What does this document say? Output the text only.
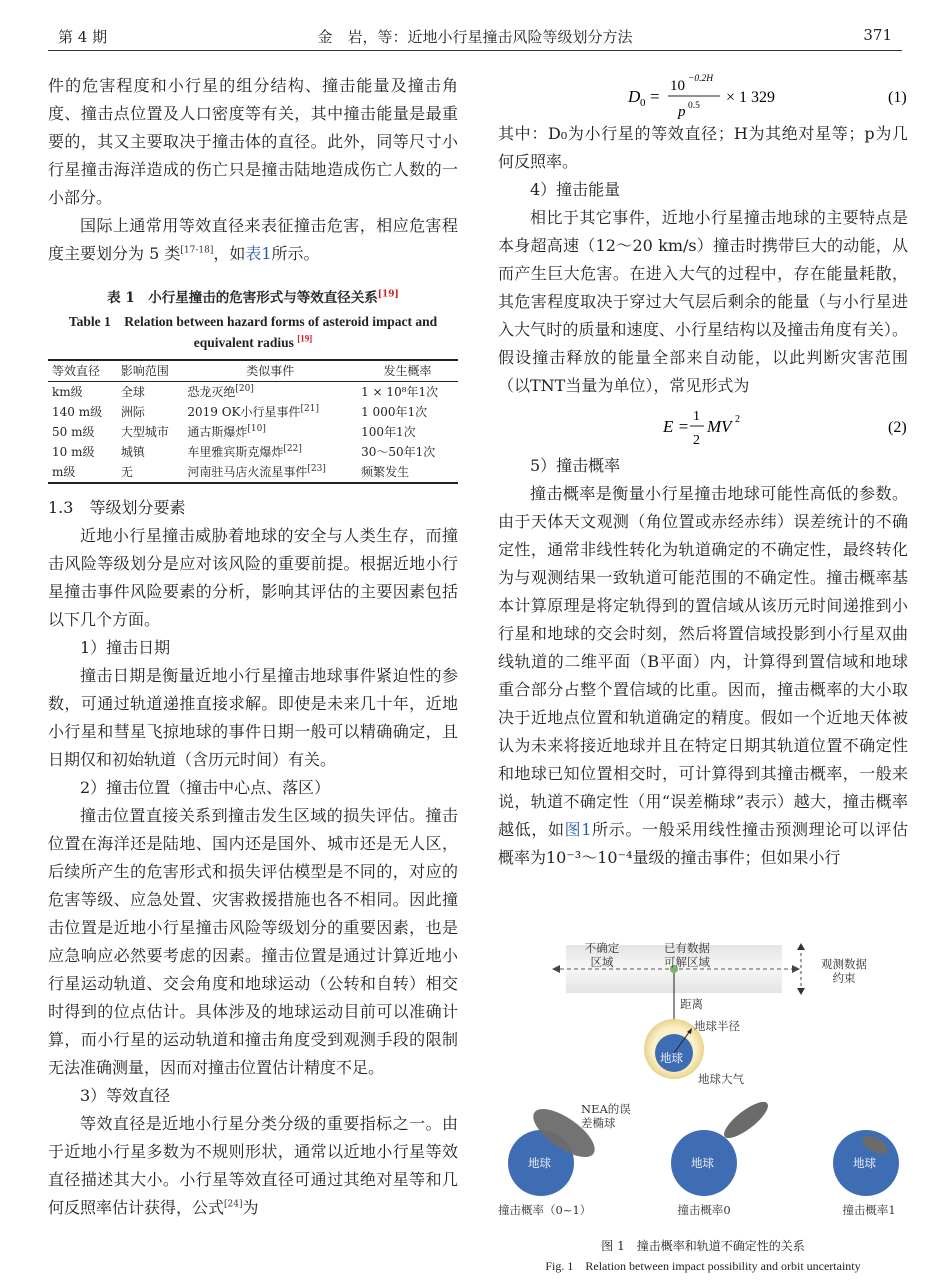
第 4 期	金　岩，等：近地小行星撞击风险等级划分方法	371

件的危害程度和小行星的组分结构、撞击能量及撞击角度、撞击点位置及人口密度等有关，其中撞击能量是最重要的，其又主要取决于撞击体的直径。此外，同等尺寸小行星撞击海洋造成的伤亡只是撞击陆地造成伤亡人数的一小部分。

国际上通常用等效直径来表征撞击危害，相应危害程度主要划分为 5 类[17-18]，如表1所示。

表 1　小行星撞击的危害形式与等效直径关系[19]
Table 1　Relation between hazard forms of asteroid impact and equivalent radius [19]
等效直径	影响范围	类似事件	发生概率
km级	全球	恐龙灭绝[20]	1 × 10⁸年1次
140 m级	洲际	2019 OK小行星事件[21]	1 000年1次
50 m级	大型城市	通古斯爆炸[10]	100年1次
10 m级	城镇	车里雅宾斯克爆炸[22]	30～50年1次
m级	无	河南驻马店火流星事件[23]	频繁发生
1.3　等级划分要素

近地小行星撞击威胁着地球的安全与人类生存，而撞击风险等级划分是应对该风险的重要前提。根据近地小行星撞击事件风险要素的分析，影响其评估的主要因素包括以下几个方面。

1）撞击日期

撞击日期是衡量近地小行星撞击地球事件紧迫性的参数，可通过轨道递推直接求解。即使是未来几十年，近地小行星和彗星飞掠地球的事件日期一般可以精确确定，且日期仅和初始轨道（含历元时间）有关。

2）撞击位置（撞击中心点、落区）

撞击位置直接关系到撞击发生区域的损失评估。撞击位置在海洋还是陆地、国内还是国外、城市还是无人区，后续所产生的危害形式和损失评估模型是不同的，对应的危害等级、应急处置、灾害救援措施也各不相同。因此撞击位置是近地小行星撞击风险等级划分的重要因素，也是应急响应必然要考虑的因素。撞击位置是通过计算近地小行星运动轨道、交会角度和地球运动（公转和自转）相交时得到的位点估计。具体涉及的地球运动目前可以准确计算，而小行星的运动轨道和撞击角度受到观测手段的限制无法准确测量，因而对撞击位置估计精度不足。

3）等效直径

等效直径是近地小行星分类分级的重要指标之一。由于近地小行星多数为不规则形状，通常以近地小行星等效直径描述其大小。小行星等效直径可通过其绝对星等和几何反照率估计获得，公式[24]为

D 0 =
10 −0.2H
p 0.5 × 1 329	(1)

其中：D₀为小行星的等效直径；H为其绝对星等；p为几何反照率。

4）撞击能量

相比于其它事件，近地小行星撞击地球的主要特点是本身超高速（12～20 km/s）撞击时携带巨大的动能，从而产生巨大危害。在进入大气的过程中，存在能量耗散，其危害程度取决于穿过大气层后剩余的能量（与小行星进入大气时的质量和速度、小行星结构以及撞击角度有关）。假设撞击释放的能量全部来自动能，以此判断灾害范围（以TNT当量为单位），常见形式为

E =
1
2
MV 2	(2)

5）撞击概率

撞击概率是衡量小行星撞击地球可能性高低的参数。由于天体天文观测（角位置或赤经赤纬）误差统计的不确定性，通常非线性转化为轨道确定的不确定性，最终转化为与观测结果一致轨道可能范围的不确定性。撞击概率基本计算原理是将定轨得到的置信域从该历元时间递推到小行星和地球的交会时刻，然后将置信域投影到小行星双曲线轨道的二维平面（B平面）内，计算得到置信域和地球重合部分占整个置信域的比重。因而，撞击概率的大小取决于近地点位置和轨道确定的精度。假如一个近地天体被认为未来将接近地球并且在特定日期其轨道位置不确定性和地球已知位置相交时，可计算得到其撞击概率，一般来说，轨道不确定性（用“误差椭球”表示）越大，撞击概率越低，如图1所示。一般采用线性撞击预测理论可以评估概率为10⁻³～10⁻⁴量级的撞击事件；但如果小行

不确定区域
已有数据可解区域	观测数据约束
距离
地球半径
地球
地球大气
NEA的误差椭球
地球	地球	地球
撞击概率（0~1）	撞击概率0	撞击概率1
图 1　撞击概率和轨道不确定性的关系
Fig. 1　Relation between impact possibility and orbit uncertainty
